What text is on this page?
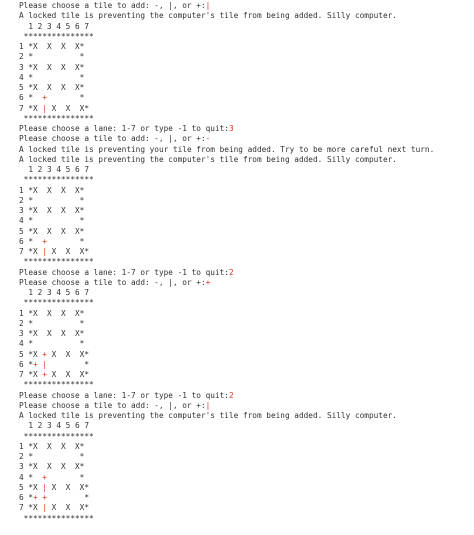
Please choose a tile to add: -, |, or +:|
A locked tile is preventing the computer's tile from being added. Silly computer.
1 2 3 4 5 6 7
***************
1 *X  X  X  X*
2 *          *
3 *X  X  X  X*
4 *          *
5 *X  X  X  X*
6 *  +       *
7 *X | X  X  X*
***************
Please choose a lane: 1-7 or type -1 to quit:3
Please choose a tile to add: -, |, or +:-
A locked tile is preventing your tile from being added. Try to be more careful next turn.
A locked tile is preventing the computer's tile from being added. Silly computer.
1 2 3 4 5 6 7
***************
1 *X  X  X  X*
2 *          *
3 *X  X  X  X*
4 *          *
5 *X  X  X  X*
6 *  +       *
7 *X | X  X  X*
***************
Please choose a lane: 1-7 or type -1 to quit:2
Please choose a tile to add: -, |, or +:+
1 2 3 4 5 6 7
***************
1 *X  X  X  X*
2 *          *
3 *X  X  X  X*
4 *          *
5 *X + X  X  X*
6 *+ |        *
7 *X + X  X  X*
***************
Please choose a lane: 1-7 or type -1 to quit:2
Please choose a tile to add: -, |, or +:|
A locked tile is preventing the computer's tile from being added. Silly computer.
1 2 3 4 5 6 7
***************
1 *X  X  X  X*
2 *          *
3 *X  X  X  X*
4 *  +       *
5 *X | X  X  X*
6 *+ +        *
7 *X | X  X  X*
***************
